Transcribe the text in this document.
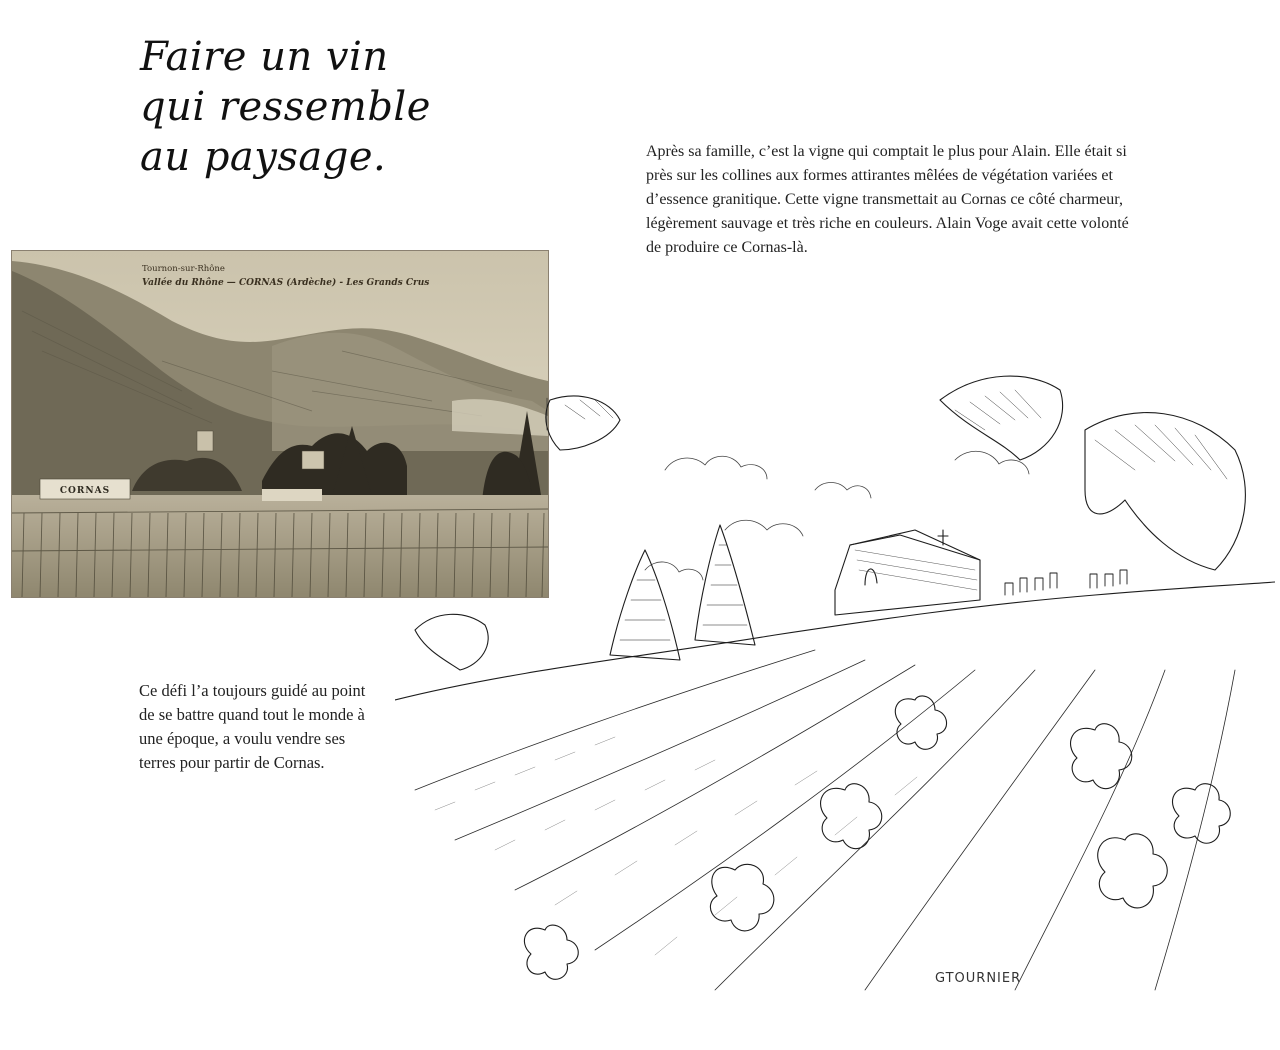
Faire un vin
qui ressemble
au paysage.	Après sa famille, c’est la vigne qui comptait le plus pour Alain. Elle était si près sur les collines aux formes attirantes mêlées de végétation variées et d’essence granitique. Cette vigne transmettait au Cornas ce côté charmeur, légèrement sauvage et très riche en couleurs. Alain Voge avait cette volonté de produire ce Cornas-là.

Tournon-sur-Rhône
Vallée du Rhône — CORNAS (Ardèche) - Les Grands Crus
CORNAS

Ce défi l’a toujours guidé au point de se battre quand tout le monde à une époque, a voulu vendre ses terres pour partir de Cornas.

GTOURNIER
